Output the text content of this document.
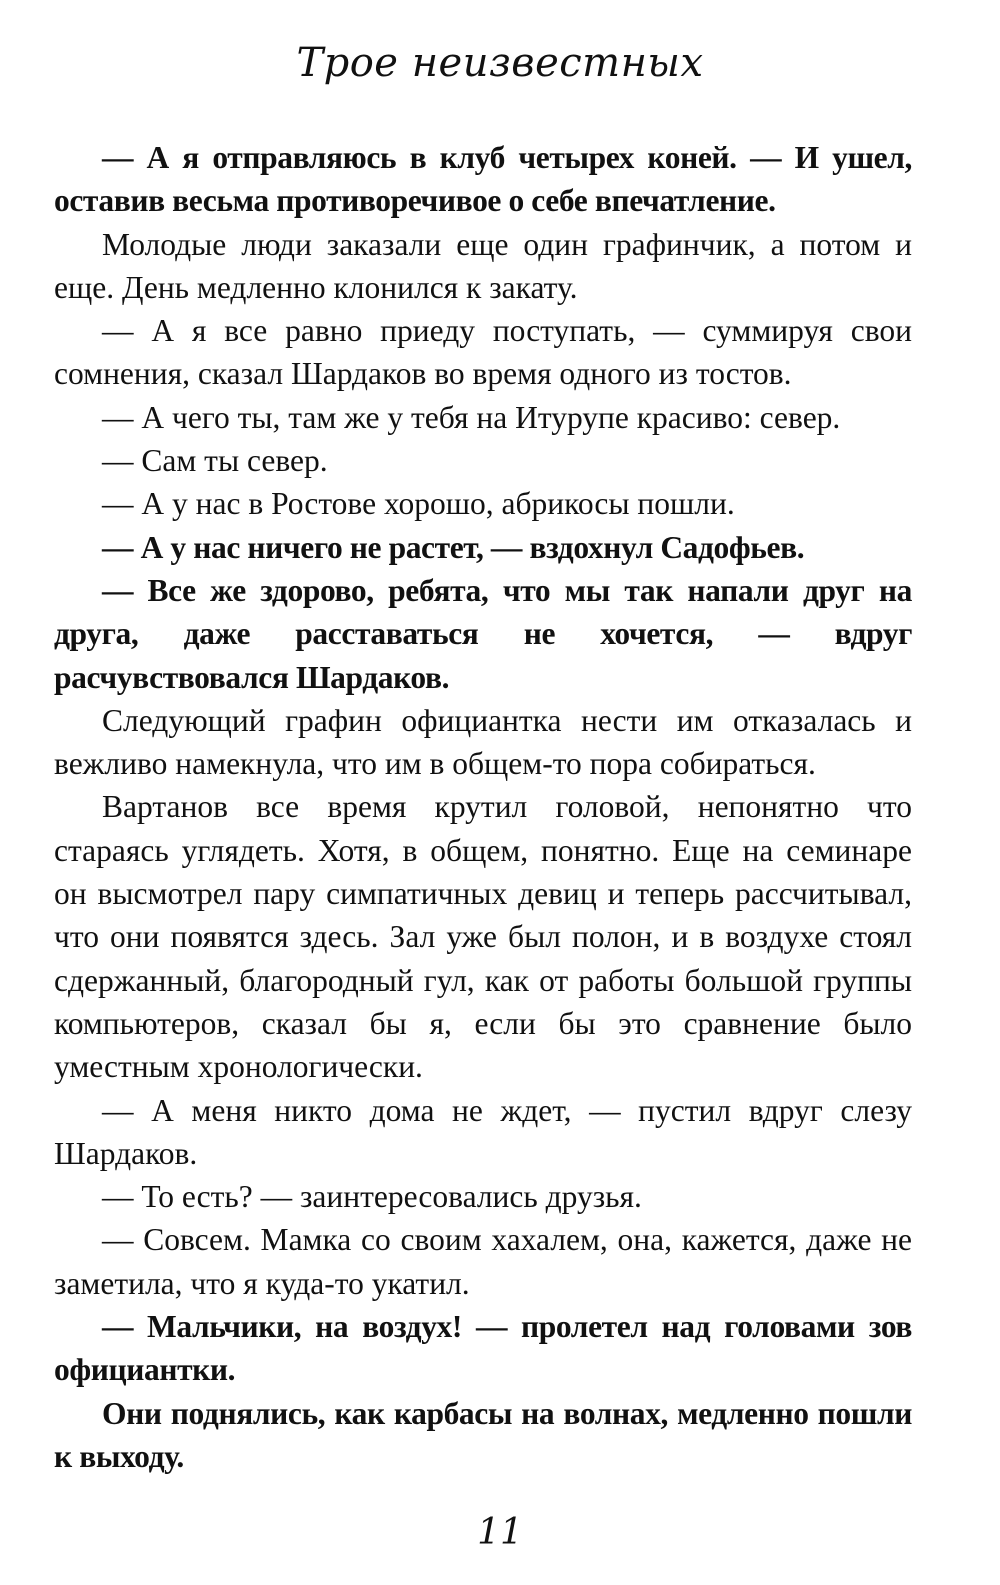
Трое неизвестных

— А я отправляюсь в клуб четырех коней. — И ушел, оставив весьма противоречивое о себе впечатление.

Молодые люди заказали еще один графинчик, а потом и еще. День медленно клонился к закату.

— А я все равно приеду поступать, — суммируя свои сомнения, сказал Шардаков во время одного из тостов.

— А чего ты, там же у тебя на Итурупе красиво: север.

— Сам ты север.

— А у нас в Ростове хорошо, абрикосы пошли.

— А у нас ничего не растет, — вздохнул Садофьев.

— Все же здорово, ребята, что мы так напали друг на друга, даже расставаться не хочется, — вдруг расчувствовался Шардаков.

Следующий графин официантка нести им отказалась и вежливо намекнула, что им в общем-то пора собираться.

Вартанов все время крутил головой, непонятно что стараясь углядеть. Хотя, в общем, понятно. Еще на семинаре он высмотрел пару симпатичных девиц и теперь рассчитывал, что они появятся здесь. Зал уже был полон, и в воздухе стоял сдержанный, благородный гул, как от работы большой группы компьютеров, сказал бы я, если бы это сравнение было уместным хронологически.

— А меня никто дома не ждет, — пустил вдруг слезу Шардаков.

— То есть? — заинтересовались друзья.

— Совсем. Мамка со своим хахалем, она, кажется, даже не заметила, что я куда-то укатил.

— Мальчики, на воздух! — пролетел над головами зов официантки.

Они поднялись, как карбасы на волнах, медленно пошли к выходу.

11
